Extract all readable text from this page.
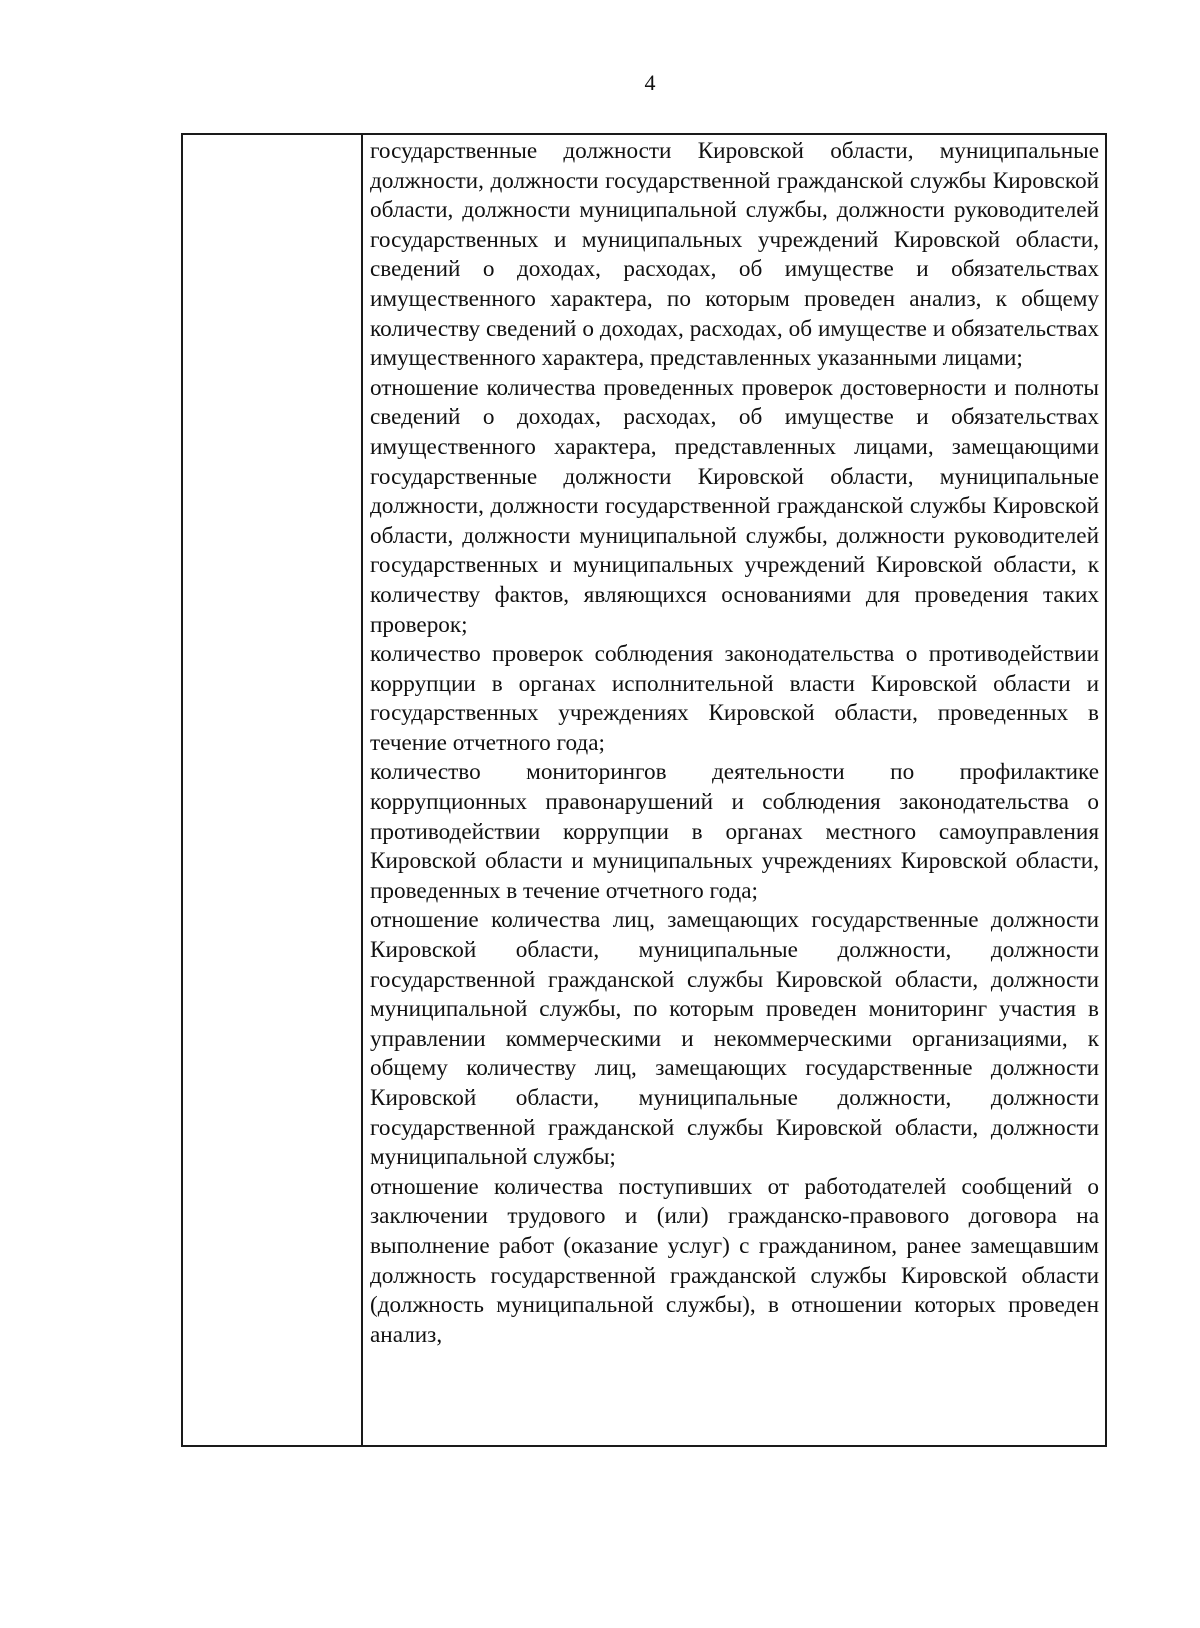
4

государственные должности Кировской области, муниципальные должности, должности государственной гражданской службы Кировской области, должности муниципальной службы, должности руководителей государственных и муниципальных учреждений Кировской области, сведений о доходах, расходах, об имуществе и обязательствах имущественного характера, по которым проведен анализ, к общему количеству сведений о доходах, расходах, об имуществе и обязательствах имущественного характера, представленных указанными лицами;

отношение количества проведенных проверок достоверности и полноты сведений о доходах, расходах, об имуществе и обязательствах имущественного характера, представленных лицами, замещающими государственные должности Кировской области, муниципальные должности, должности государственной гражданской службы Кировской области, должности муниципальной службы, должности руководителей государственных и муниципальных учреждений Кировской области, к количеству фактов, являющихся основаниями для проведения таких проверок;

количество проверок соблюдения законодательства о противодействии коррупции в органах исполнительной власти Кировской области и государственных учреждениях Кировской области, проведенных в течение отчетного года;

количество мониторингов деятельности по профилактике коррупционных правонарушений и соблюдения законодательства о противодействии коррупции в органах местного самоуправления Кировской области и муниципальных учреждениях Кировской области, проведенных в течение отчетного года;

отношение количества лиц, замещающих государственные должности Кировской области, муниципальные должности, должности государственной гражданской службы Кировской области, должности муниципальной службы, по которым проведен мониторинг участия в управлении коммерческими и некоммерческими организациями, к общему количеству лиц, замещающих государственные должности Кировской области, муниципальные должности, должности государственной гражданской службы Кировской области, должности муниципальной службы;

отношение количества поступивших от работодателей сообщений о заключении трудового и (или) гражданско-правового договора на выполнение работ (оказание услуг) с гражданином, ранее замещавшим должность государственной гражданской службы Кировской области (должность муниципальной службы), в отношении которых проведен анализ,
